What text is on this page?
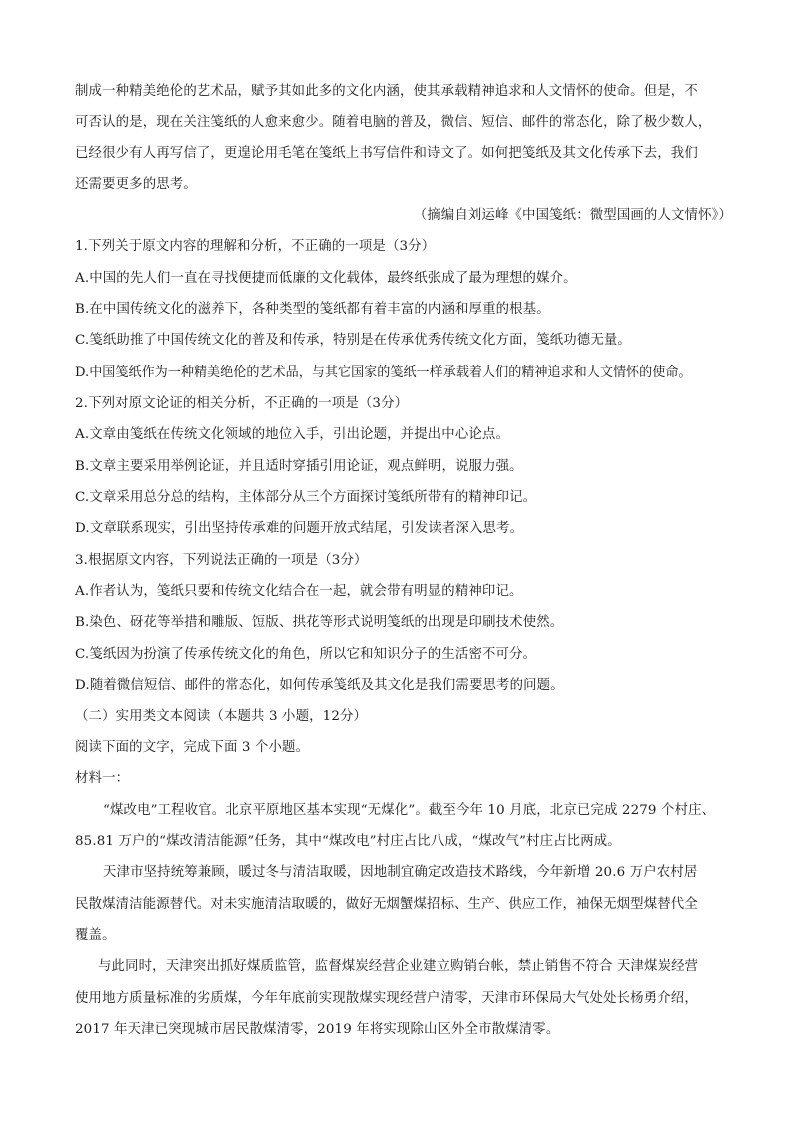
制成一种精美绝伦的艺术品，赋予其如此多的文化内涵，使其承载精神追求和人文情怀的使命。但是，不
可否认的是，现在关注笺纸的人愈来愈少。随着电脑的普及，微信、短信、邮件的常态化，除了极少数人，
已经很少有人再写信了，更遑论用毛笔在笺纸上书写信件和诗文了。如何把笺纸及其文化传承下去，我们
还需要更多的思考。
（摘编自刘运峰《中国笺纸：微型国画的人文情怀》）
1.下列关于原文内容的理解和分析，不正确的一项是（3分）
A.中国的先人们一直在寻找便捷而低廉的文化载体，最终纸张成了最为理想的媒介。
B.在中国传统文化的滋养下，各种类型的笺纸都有着丰富的内涵和厚重的根基。
C.笺纸助推了中国传统文化的普及和传承，特别是在传承优秀传统文化方面，笺纸功德无量。
D.中国笺纸作为一种精美绝伦的艺术品，与其它国家的笺纸一样承载着人们的精神追求和人文情怀的使命。
2.下列对原文论证的相关分析，不正确的一项是（3分）
A.文章由笺纸在传统文化领域的地位入手，引出论题，并提出中心论点。
B.文章主要采用举例论证，并且适时穿插引用论证，观点鲜明，说服力强。
C.文章采用总分总的结构，主体部分从三个方面探讨笺纸所带有的精神印记。
D.文章联系现实，引出坚持传承难的问题开放式结尾，引发读者深入思考。
3.根据原文内容，下列说法正确的一项是（3分）
A.作者认为，笺纸只要和传统文化结合在一起，就会带有明显的精神印记。
B.染色、砑花等举措和雕版、饾版、拱花等形式说明笺纸的出现是印刷技术使然。
C.笺纸因为扮演了传承传统文化的角色，所以它和知识分子的生活密不可分。
D.随着微信短信、邮件的常态化，如何传承笺纸及其文化是我们需要思考的问题。
（二）实用类文本阅读（本题共 3 小题，12分）
阅读下面的文字，完成下面 3 个小题。
材料一：
“煤改电”工程收官。北京平原地区基本实现“无煤化”。截至今年 10 月底，北京已完成 2279 个村庄、
85.81 万户的“煤改清洁能源”任务，其中“煤改电”村庄占比八成，“煤改气”村庄占比两成。
天津市坚持统筹兼顾，暖过冬与清洁取暖，因地制宜确定改造技术路线，今年新增 20.6 万户农村居
民散煤清洁能源替代。对未实施清洁取暖的，做好无烟蟹煤招标、生产、供应工作，袖保无烟型煤替代全
覆盖。
与此同时，天津突出抓好煤质监管，监督煤炭经营企业建立购销台帐，禁止销售不符合 天津煤炭经营
使用地方质量标准的劣质煤，今年年底前实现散煤实现经营户清零，天津市环保局大气处处长杨勇介绍，
2017 年天津已突现城市居民散煤清零，2019 年将实现除山区外全市散煤清零。
